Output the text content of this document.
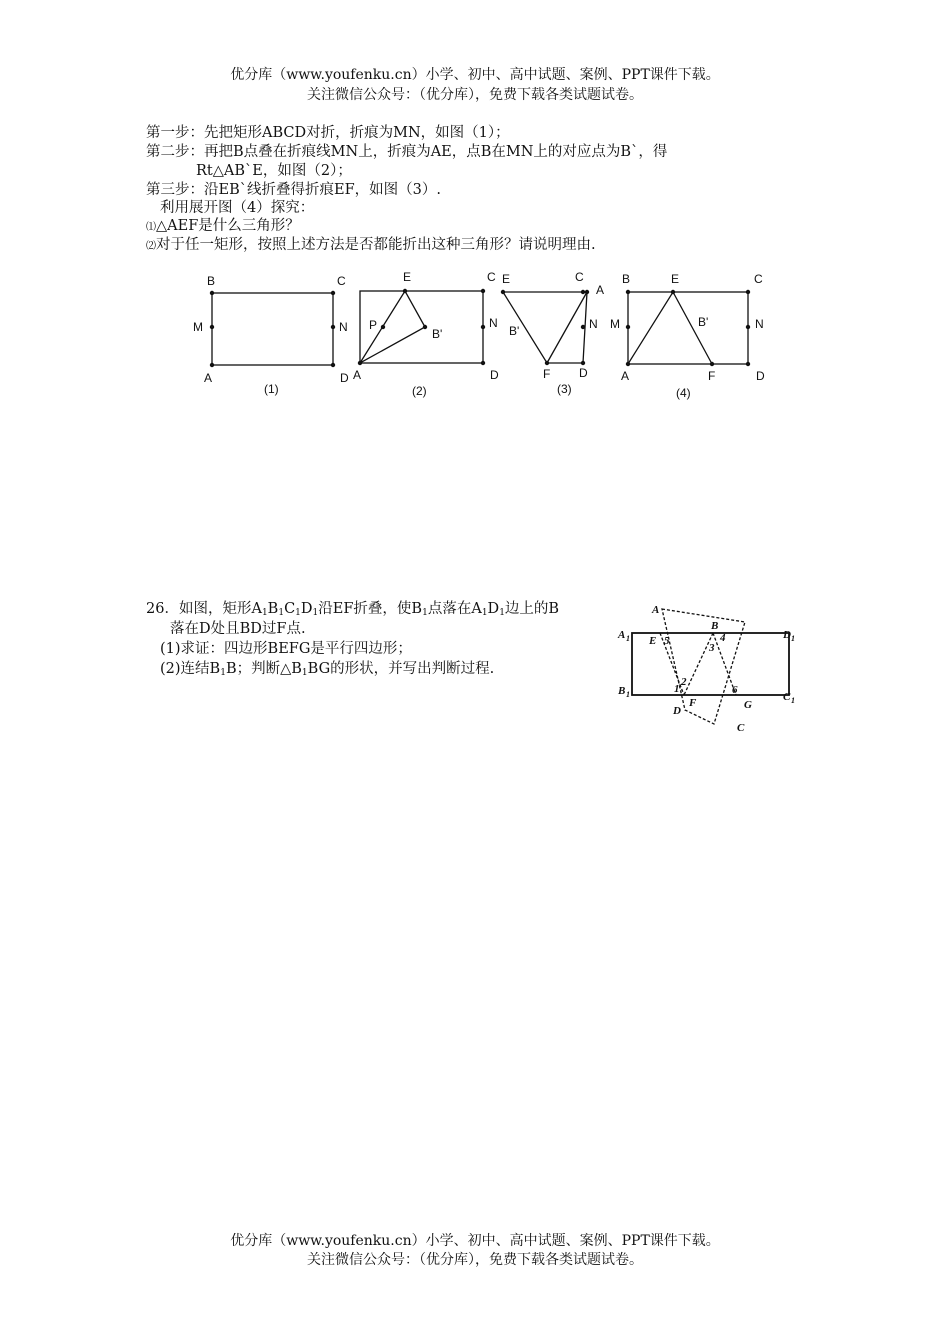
优分库（www.youfenku.cn）小学、初中、高中试题、案例、PPT课件下载。
关注微信公众号：（优分库），免费下载各类试题试卷。
第一步：先把矩形ABCD对折，折痕为MN，如图（1）；
第二步：再把B点叠在折痕线MN上，折痕为AE，点B在MN上的对应点为B`，得
Rt△AB`E，如图（2）；
第三步：沿EB`线折叠得折痕EF，如图（3）.
利用展开图（4）探究：
⑴△AEF是什么三角形？
⑵对于任一矩形，按照上述方法是否都能折出这种三角形？请说明理由.
B	C
M	N
A	D
(1)
E	C
P
B'
N
A	D
(2)
E	C
A
B'	N
F D
(3)
B	E	C
M	B'	N
A	F	D
(4)
26．如图，矩形$A_1B_1C_1D_1$沿EF折叠，使$B_1$点落在$A_1D_1$边上的B
落在D处且BD过F点.
(1)求证：四边形BEFG是平行四边形；
(2)连结$B_1B$；判断$\triangle B_1BG$的形状，并写出判断过程.
A 1	D 1
B 1	C 1
A
B
C
D
E
F	G
1
2
3
4
5
6
优分库（www.youfenku.cn）小学、初中、高中试题、案例、PPT课件下载。
关注微信公众号：（优分库），免费下载各类试题试卷。
